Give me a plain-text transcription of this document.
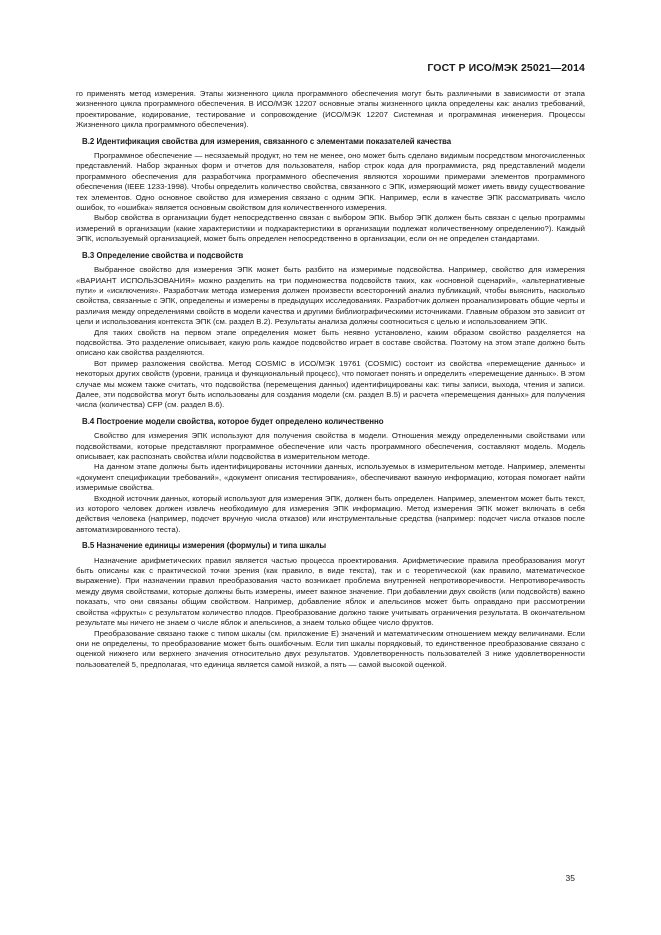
ГОСТ Р ИСО/МЭК 25021—2014

го применять метод измерения. Этапы жизненного цикла программного обеспечения могут быть различными в зависимости от этапа жизненного цикла программного обеспечения. В ИСО/МЭК 12207 основные этапы жизненного цикла определены как: анализ требований, проектирование, кодирование, тестирование и сопровождение (ИСО/МЭК 12207 Системная и программная инженерия. Процессы Жизненного цикла программного обеспечения).

В.2 Идентификация свойства для измерения, связанного с элементами показателей качества

Программное обеспечение — несязаемый продукт, но тем не менее, оно может быть сделано видимым посредством многочисленных представлений. Набор экранных форм и отчетов для пользователя, набор строк кода для программиста, ряд представлений модели программного обеспечения для разработчика программного обеспечения являются хорошими примерами элементов программного обеспечения (IEEE 1233-1998). Чтобы определить количество свойства, связанного с ЭПК, измеряющий может иметь ввиду существование тех элементов. Одно основное свойство для измерения связано с одним ЭПК. Например, если в качестве ЭПК рассматривать число ошибок, то «ошибка» является основным свойством для количественного измерения.

Выбор свойства в организации будет непосредственно связан с выбором ЭПК. Выбор ЭПК должен быть связан с целью программы измерений в организации (какие характеристики и подхарактеристики в организации подлежат количественному определению?). Каждый ЭПК, используемый организацией, может быть определен непосредственно в организации, если он не определен стандартами.

В.3 Определение свойства и подсвойств

Выбранное свойство для измерения ЭПК может быть разбито на измеримые подсвойства. Например, свойство для измерения «ВАРИАНТ ИСПОЛЬЗОВАНИЯ» можно разделить на три подмножества подсвойств таких, как «основной сценарий», «альтернативные пути» и «исключения». Разработчик метода измерения должен произвести всесторонний анализ публикаций, чтобы выяснить, насколько свойства, связанные с ЭПК, определены и измерены в предыдущих исследованиях. Разработчик должен проанализировать общие черты и различия между определениями свойств в модели качества и другими библиографическими источниками. Главным образом это зависит от цели и использования контекста ЭПК (см. раздел В.2). Результаты анализа должны соотноситься с целью и использованием ЭПК.

Для таких свойств на первом этапе определения может быть неявно установлено, каким образом свойство разделяется на подсвойства. Это разделение описывает, какую роль каждое подсвойство играет в составе свойства. Поэтому на этом этапе должно быть описано как свойства разделяются.

Вот пример разложения свойства. Метод COSMIC в ИСО/МЭК 19761 (COSMIC) состоит из свойства «перемещение данных» и некоторых других свойств (уровни, граница и функциональный процесс), что помогает понять и определить «перемещение данных». В этом случае мы можем также считать, что подсвойства (перемещения данных) идентифицированы как: типы записи, выхода, чтения и записи. Далее, эти подсвойства могут быть использованы для создания модели (см. раздел В.5) и расчета «перемещения данных» для получения числа (количества) CFP (см. раздел В.6).

В.4 Построение модели свойства, которое будет определено количественно

Свойство для измерения ЭПК используют для получения свойства в модели. Отношения между определенными свойствами или подсвойствами, которые представляют программное обеспечение или часть программного обеспечения, составляют модель. Модель описывает, как распознать свойства и/или подсвойства в измерительном методе.

На данном этапе должны быть идентифицированы источники данных, используемых в измерительном методе. Например, элементы «документ спецификации требований», «документ описания тестирования», обеспечивают важную информацию, которая помогает найти измеримые свойства.

Входной источник данных, который используют для измерения ЭПК, должен быть определен. Например, элементом может быть текст, из которого человек должен извлечь необходимую для измерения ЭПК информацию. Метод измерения ЭПК может включать в себя действия человека (например, подсчет вручную числа отказов) или инструментальные средства (например: подсчет числа отказов после автоматизированного теста).

В.5 Назначение единицы измерения (формулы) и типа шкалы

Назначение арифметических правил является частью процесса проектирования. Арифметические правила преобразования могут быть описаны как с практической точки зрения (как правило, в виде текста), так и с теоретической (как правило, математическое выражение). При назначении правил преобразования часто возникает проблема внутренней непротиворечивости. Непротиворечивость между двумя свойствами, которые должны быть измерены, имеет важное значение. При добавлении двух свойств (или подсвойств) важно показать, что они связаны общим свойством. Например, добавление яблок и апельсинов может быть оправдано при рассмотрении свойства «фрукты» с результатом количество плодов. Преобразование должно также учитывать ограничения результата. В окончательном результате мы ничего не знаем о числе яблок и апельсинов, а знаем только общее число фруктов.

Преобразование связано также с типом шкалы (см. приложение Е) значений и математическим отношением между величинами. Если они не определены, то преобразование может быть ошибочным. Если тип шкалы порядковый, то единственное преобразование связано с оценкой нижнего или верхнего значения относительно двух результатов. Удовлетворенность пользователей 3 ниже удовлетворенности пользователей 5, предполагая, что единица является самой низкой, а пять — самой высокой оценкой.

35
